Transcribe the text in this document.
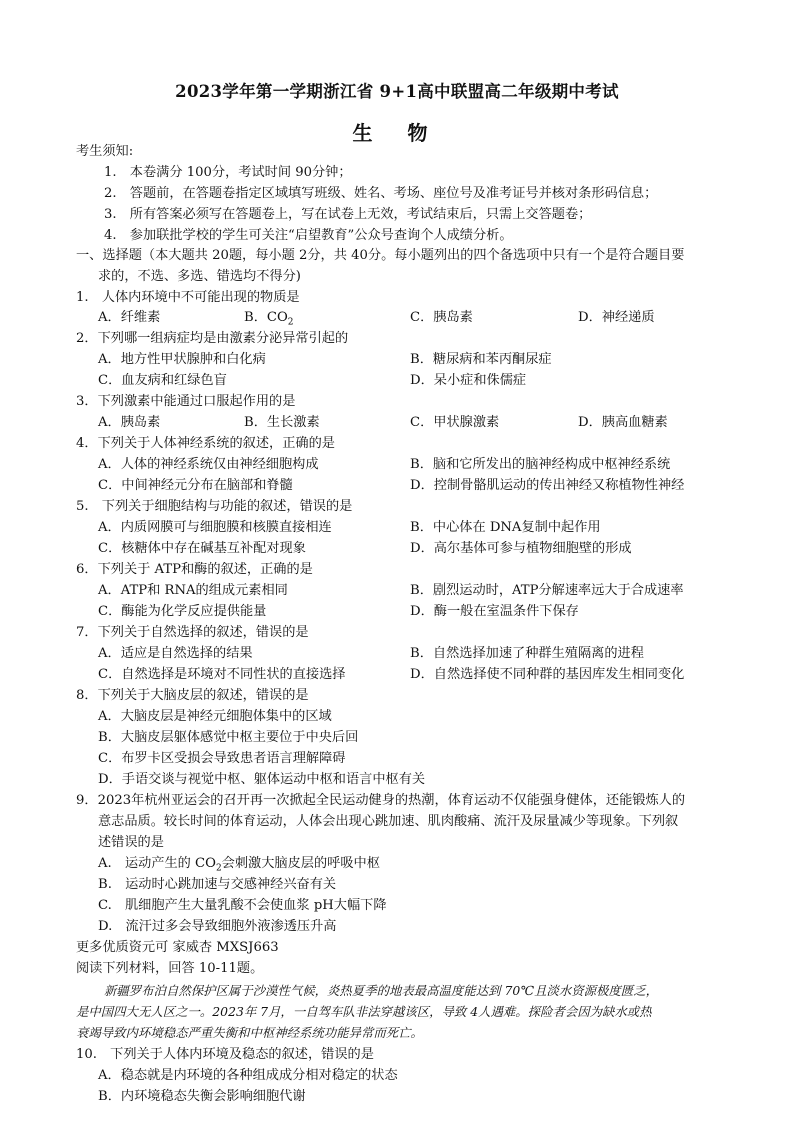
2023学年第一学期浙江省 9+1高中联盟高二年级期中考试
生 物
考生须知:
1.　本卷满分 100分，考试时间 90分钟；
2.　答题前，在答题卷指定区域填写班级、姓名、考场、座位号及准考证号并核对条形码信息；
3.　所有答案必须写在答题卷上，写在试卷上无效，考试结束后，只需上交答题卷；
4.　参加联批学校的学生可关注“启望教育”公众号查询个人成绩分析。
一、选择题（本大题共 20题，每小题 2分，共 40分。每小题列出的四个备选项中只有一个是符合题目要
求的，不选、多选、错选均不得分)
1.　人体内环境中不可能出现的物质是
A．纤维素	B．$CO_2$	C．胰岛素	D．神经递质
2．下列哪一组病症均是由激素分泌异常引起的
A．地方性甲状腺肿和白化病	B．糖尿病和苯丙酮尿症
C．血友病和红绿色盲	D．呆小症和侏儒症
3．下列激素中能通过口服起作用的是
A．胰岛素	B．生长激素	C．甲状腺激素	D．胰高血糖素
4．下列关于人体神经系统的叙述，正确的是
A．人体的神经系统仅由神经细胞构成	B．脑和它所发出的脑神经构成中枢神经系统
C．中间神经元分布在脑部和脊髓	D．控制骨骼肌运动的传出神经又称植物性神经
5.　下列关于细胞结构与功能的叙述，错误的是
A．内质网膜可与细胞膜和核膜直接相连	B．中心体在 DNA复制中起作用
C．核糖体中存在碱基互补配对现象	D．高尔基体可参与植物细胞壁的形成
6．下列关于 ATP和酶的叙述，正确的是
A．ATP和 RNA的组成元素相同	B．剧烈运动时，ATP分解速率远大于合成速率
C．酶能为化学反应提供能量	D．酶一般在室温条件下保存
7．下列关于自然选择的叙述，错误的是
A．适应是自然选择的结果	B．自然选择加速了种群生殖隔离的进程
C．自然选择是环境对不同性状的直接选择	D．自然选择使不同种群的基因库发生相同变化
8．下列关于大脑皮层的叙述，错误的是
A．大脑皮层是神经元细胞体集中的区域
B．大脑皮层躯体感觉中枢主要位于中央后回
C．布罗卡区受损会导致患者语言理解障碍
D．手语交谈与视觉中枢、躯体运动中枢和语言中枢有关
9．2023年杭州亚运会的召开再一次掀起全民运动健身的热潮，体育运动不仅能强身健体，还能锻炼人的
意志品质。较长时间的体育运动，人体会出现心跳加速、肌肉酸痛、流汗及尿量减少等现象。下列叙
述错误的是
A.　运动产生的 $CO_2$会刺激大脑皮层的呼吸中枢
B.　运动时心跳加速与交感神经兴奋有关
C.　肌细胞产生大量乳酸不会使血浆 pH大幅下降
D.　流汗过多会导致细胞外液渗透压升高
更多优质资元可 家威杏 MXSJ663
阅读下列材料，回答 10-11题。
新疆罗布泊自然保护区属于沙漠性气候，炎热夏季的地表最高温度能达到 70℃且淡水资源极度匮乏，
是中国四大无人区之一。2023年 7月，一自驾车队非法穿越该区，导致 4人遇难。探险者会因为缺水或热
衰竭导致内环境稳态严重失衡和中枢神经系统功能异常而死亡。
10.　下列关于人体内环境及稳态的叙述，错误的是
A．稳态就是内环境的各种组成成分相对稳定的状态
B．内环境稳态失衡会影响细胞代谢
